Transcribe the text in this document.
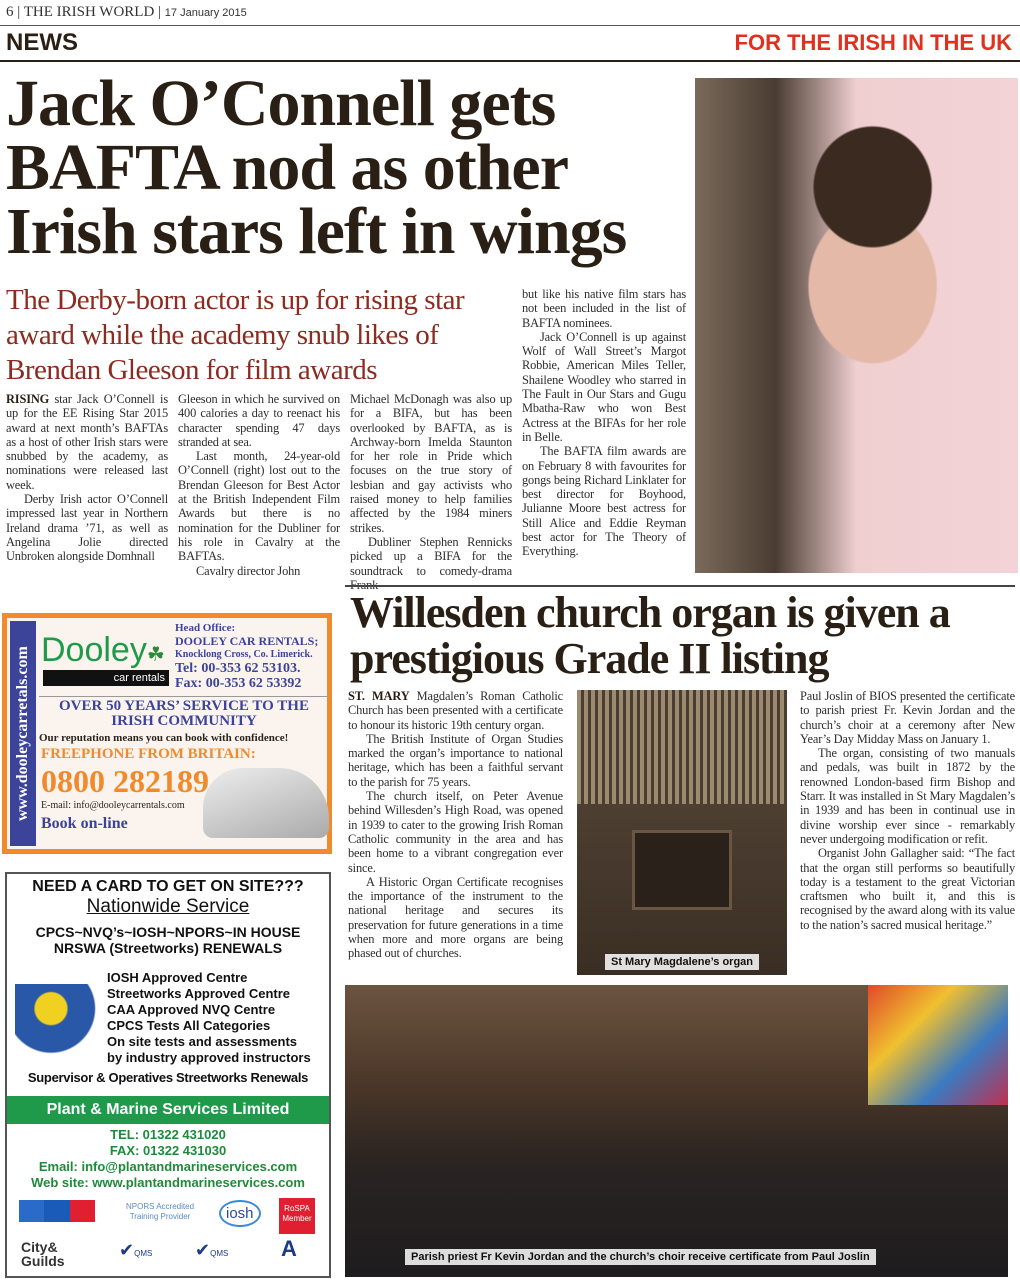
6 | THE IRISH WORLD | 17 January 2015
NEWS	FOR THE IRISH IN THE UK
Jack O’Connell gets BAFTA nod as other Irish stars left in wings
The Derby-born actor is up for rising star award while the academy snub likes of Brendan Gleeson for film awards

RISING star Jack O’Connell is up for the EE Rising Star 2015 award at next month’s BAFTAs as a host of other Irish stars were snubbed by the academy, as nominations were released last week.

Derby Irish actor O’Connell impressed last year in Northern Ireland drama ’71, as well as Angelina Jolie directed Unbroken alongside Domhnall

Gleeson in which he survived on 400 calories a day to reenact his character spending 47 days stranded at sea.

Last month, 24-year-old O’Connell (right) lost out to the Brendan Gleeson for Best Actor at the British Independent Film Awards but there is no nomination for the Dubliner for his role in Cavalry at the BAFTAs.

Cavalry director John

Michael McDonagh was also up for a BIFA, but has been overlooked by BAFTA, as is Archway-born Imelda Staunton for her role in Pride which focuses on the true story of lesbian and gay activists who raised money to help families affected by the 1984 miners strikes.

Dubliner Stephen Rennicks picked up a BIFA for the soundtrack to comedy-drama

but like his native film stars has not been included in the list of BAFTA nominees.

Jack O’Connell is up against Wolf of Wall Street’s Margot Robbie, American Miles Teller, Shailene Woodley who starred in The Fault in Our Stars and Gugu Mbatha-Raw who won Best Actress at the BIFAs for her role in Belle.

The BAFTA film awards are on February 8 with favourites for gongs being Richard Linklater for best director for Boyhood, Julianne Moore best actress for Still Alice and Eddie Reyman best actor for The Theory of Everything.

Willesden church organ is given a prestigious Grade II listing

ST. MARY Magdalen’s Roman Catholic Church has been presented with a certificate to honour its historic 19th century organ.

The British Institute of Organ Studies marked the organ’s importance to national heritage, which has been a faithful servant to the parish for 75 years.

The church itself, on Peter Avenue behind Willesden’s High Road, was opened in 1939 to cater to the growing Irish Roman Catholic community in the area and has been home to a vibrant congregation ever since.

A Historic Organ Certificate recognises the importance of the instrument to the national heritage and secures its preservation for future generations in a time when more and more organs are being phased out of churches.

St Mary Magdalene’s organ

Paul Joslin of BIOS presented the certificate to parish priest Fr. Kevin Jordan and the church’s choir at a ceremony after New Year’s Day Midday Mass on January 1.

The organ, consisting of two manuals and pedals, was built in 1872 by the renowned London-based firm Bishop and Starr. It was installed in St Mary Magdalen’s in 1939 and has been in continual use in divine worship ever since - remarkably never undergoing modification or refit.

Organist John Gallagher said: “The fact that the organ still performs so beautifully today is a testament to the great Victorian craftsmen who built it, and this is recognised by the award along with its value to the nation’s sacred musical heritage.”

Parish priest Fr Kevin Jordan and the church’s choir receive certificate from Paul Joslin
www.dooleycarretals.com Dooley☘
car rentals
Head Office:
DOOLEY CAR RENTALS;
Knocklong Cross, Co. Limerick.
Tel: 00-353 62 53103.
Fax: 00-353 62 53392
OVER 50 YEARS’ SERVICE TO THE IRISH COMMUNITY
Our reputation means you can book with confidence!
FREEPHONE FROM BRITAIN:
0800 282189
E-mail: info@dooleycarrentals.com
Book on-line
NEED A CARD TO GET ON SITE???
Nationwide Service
CPCS~NVQ’s~IOSH~NPORS~IN HOUSE
NRSWA (Streetworks) RENEWALS
IOSH Approved Centre
Streetworks Approved Centre
CAA Approved NVQ Centre
CPCS Tests All Categories
On site tests and assessments
by industry approved instructors
Supervisor & Operatives Streetworks Renewals
Plant & Marine Services Limited
TEL: 01322 431020
FAX: 01322 431030
Email: info@plantandmarineservices.com
Web site: www.plantandmarineservices.com
NPORS Accredited Training Provider	iosh	RoSPA Member
City&
Guilds
✔QMS ✔QMS A
